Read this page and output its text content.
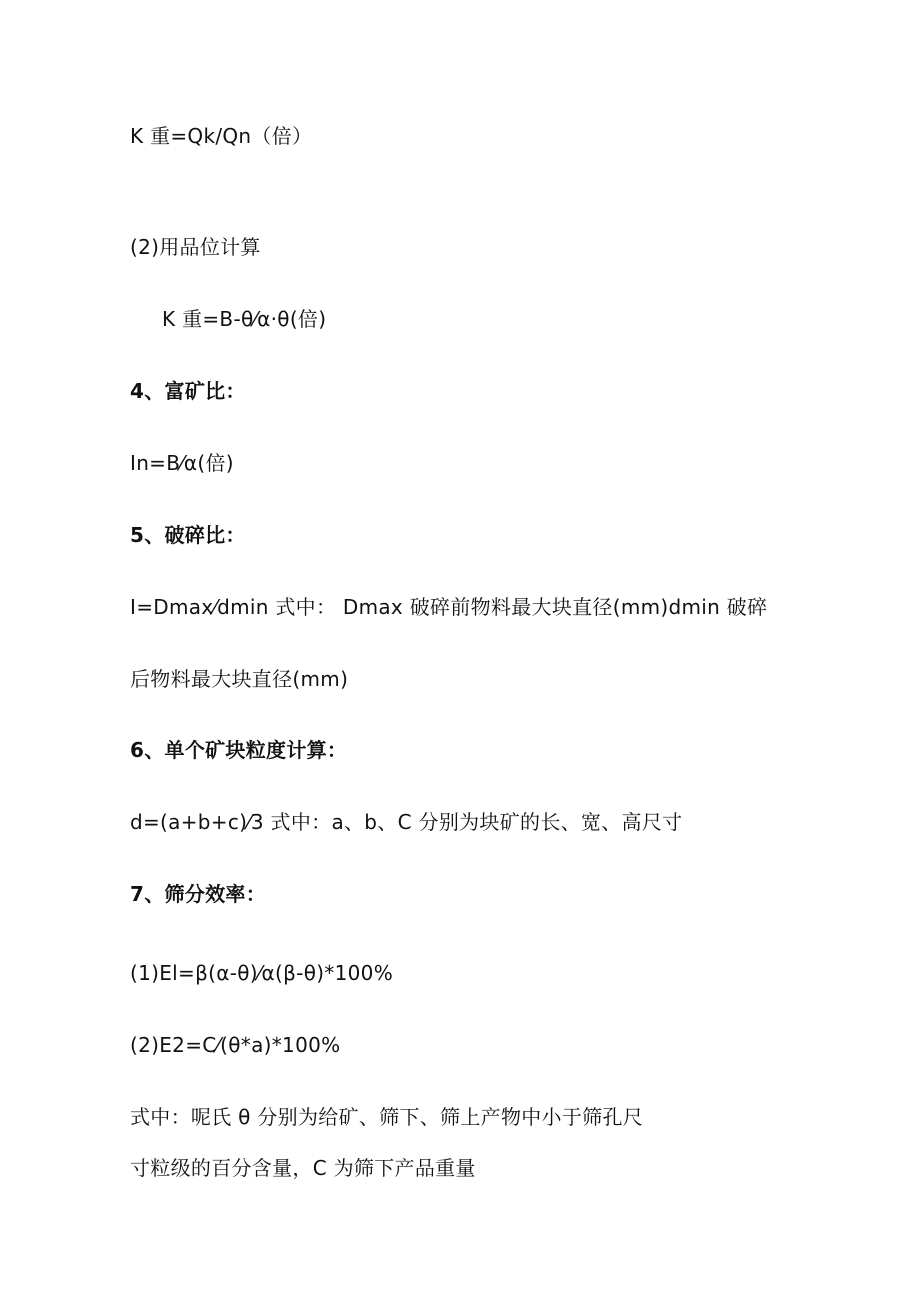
K 重=Qk/Qn（倍）
(2)用品位计算
K 重=B-θ⁄α·θ(倍)
4、富矿比：
In=B⁄α(倍)
5、破碎比：
I=Dmax⁄dmin 式中： Dmax 破碎前物料最大块直径(mm)dmin 破碎
后物料最大块直径(mm)
6、单个矿块粒度计算：
d=(a+b+c)⁄3 式中：a、b、C 分别为块矿的长、宽、高尺寸
7、筛分效率：
(1)El=β(α-θ)⁄α(β-θ)*100%
(2)E2=C⁄(θ*a)*100%
式中：呢氏 θ 分别为给矿、筛下、筛上产物中小于筛孔尺
寸粒级的百分含量，C 为筛下产品重量
